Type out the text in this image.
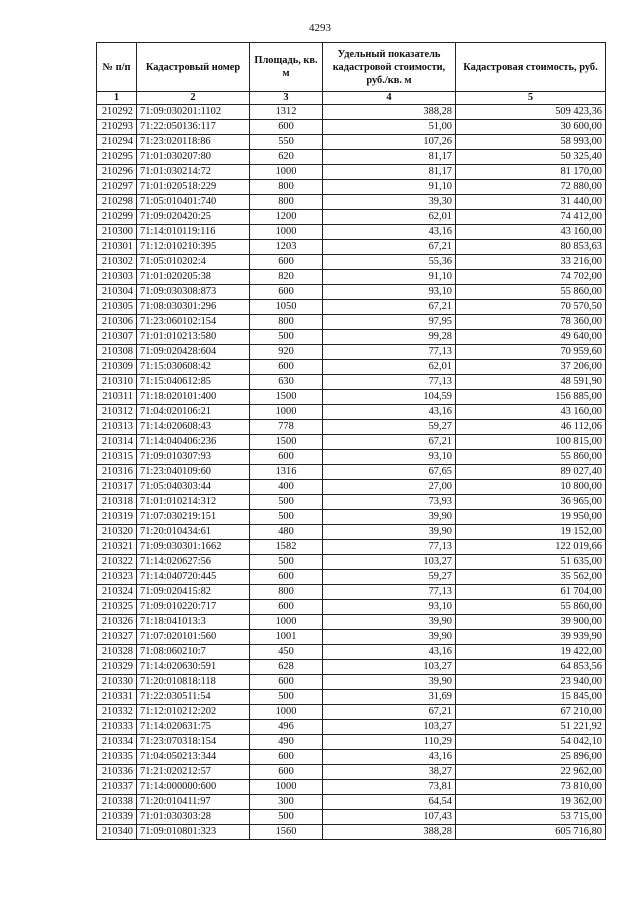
4293
№ п/п	Кадастровый номер	Площадь, кв. м	Удельный показатель кадастровой стоимости, руб./кв. м	Кадастровая стоимость, руб.
1	2	3	4	5
210292	71:09:030201:1102	1312	388,28	509 423,36
210293	71:22:050136:117	600	51,00	30 600,00
210294	71:23:020118:86	550	107,26	58 993,00
210295	71:01:030207:80	620	81,17	50 325,40
210296	71:01:030214:72	1000	81,17	81 170,00
210297	71:01:020518:229	800	91,10	72 880,00
210298	71:05:010401:740	800	39,30	31 440,00
210299	71:09:020420:25	1200	62,01	74 412,00
210300	71:14:010119:116	1000	43,16	43 160,00
210301	71:12:010210:395	1203	67,21	80 853,63
210302	71:05:010202:4	600	55,36	33 216,00
210303	71:01:020205:38	820	91,10	74 702,00
210304	71:09:030308:873	600	93,10	55 860,00
210305	71:08:030301:296	1050	67,21	70 570,50
210306	71:23:060102:154	800	97,95	78 360,00
210307	71:01:010213:580	500	99,28	49 640,00
210308	71:09:020428:604	920	77,13	70 959,60
210309	71:15:030608:42	600	62,01	37 206,00
210310	71:15:040612:85	630	77,13	48 591,90
210311	71:18:020101:400	1500	104,59	156 885,00
210312	71:04:020106:21	1000	43,16	43 160,00
210313	71:14:020608:43	778	59,27	46 112,06
210314	71:14:040406:236	1500	67,21	100 815,00
210315	71:09:010307:93	600	93,10	55 860,00
210316	71:23:040109:60	1316	67,65	89 027,40
210317	71:05:040303:44	400	27,00	10 800,00
210318	71:01:010214:312	500	73,93	36 965,00
210319	71:07:030219:151	500	39,90	19 950,00
210320	71:20:010434:61	480	39,90	19 152,00
210321	71:09:030301:1662	1582	77,13	122 019,66
210322	71:14:020627:56	500	103,27	51 635,00
210323	71:14:040720:445	600	59,27	35 562,00
210324	71:09:020415:82	800	77,13	61 704,00
210325	71:09:010220:717	600	93,10	55 860,00
210326	71:18:041013:3	1000	39,90	39 900,00
210327	71:07:020101:560	1001	39,90	39 939,90
210328	71:08:060210:7	450	43,16	19 422,00
210329	71:14:020630:591	628	103,27	64 853,56
210330	71:20:010818:118	600	39,90	23 940,00
210331	71:22:030511:54	500	31,69	15 845,00
210332	71:12:010212:202	1000	67,21	67 210,00
210333	71:14:020631:75	496	103,27	51 221,92
210334	71:23:070318:154	490	110,29	54 042,10
210335	71:04:050213:344	600	43,16	25 896,00
210336	71:21:020212:57	600	38,27	22 962,00
210337	71:14:000000:600	1000	73,81	73 810,00
210338	71:20:010411:97	300	64,54	19 362,00
210339	71:01:030303:28	500	107,43	53 715,00
210340	71:09:010801:323	1560	388,28	605 716,80
